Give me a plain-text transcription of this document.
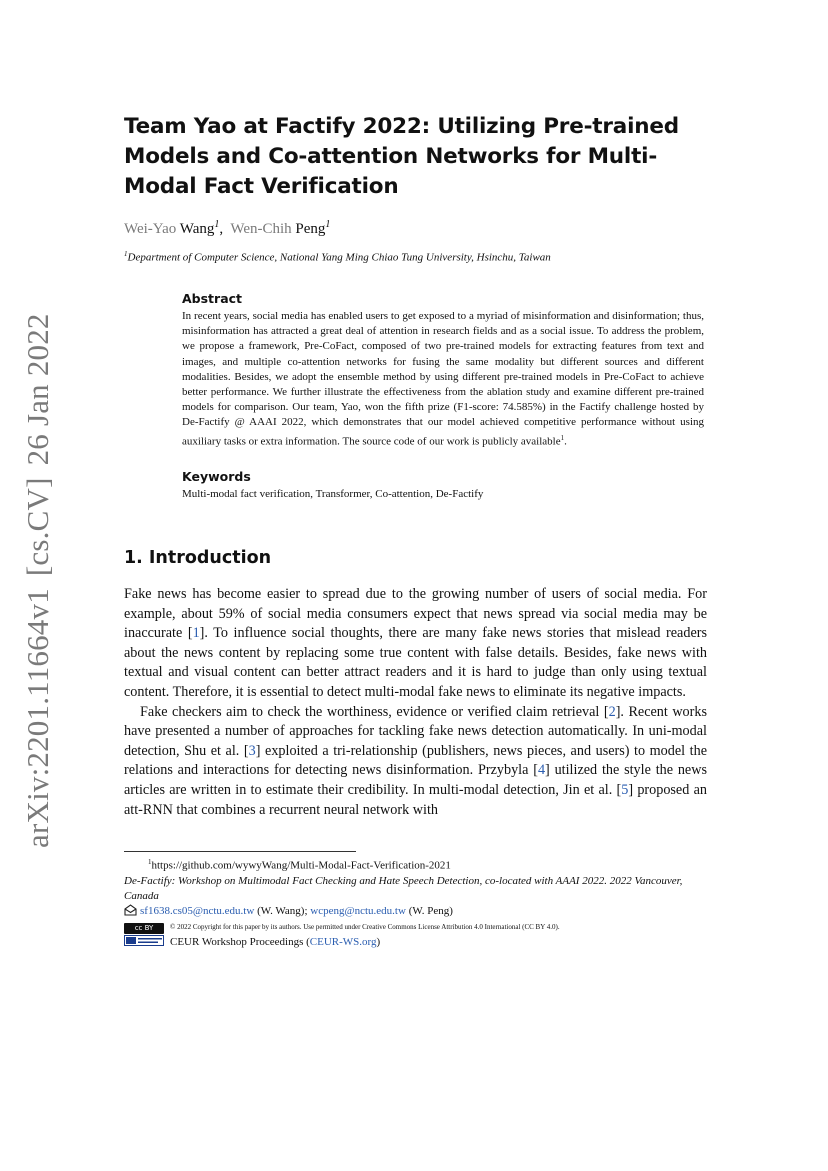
arXiv:2201.11664v1[cs.CV]26 Jan 2022
Team Yao at Factify 2022: Utilizing Pre-trained Models and Co-attention Networks for Multi-Modal Fact Verification
Wei-Yao Wang$^1$,  Wen-Chih Peng$^1$
$^1$Department of Computer Science, National Yang Ming Chiao Tung University, Hsinchu, Taiwan
Abstract

In recent years, social media has enabled users to get exposed to a myriad of misinformation and disinformation; thus, misinformation has attracted a great deal of attention in research fields and as a social issue. To address the problem, we propose a framework, Pre-CoFact, composed of two pre-trained models for extracting features from text and images, and multiple co-attention networks for fusing the same modality but different sources and different modalities. Besides, we adopt the ensemble method by using different pre-trained models in Pre-CoFact to achieve better performance. We further illustrate the effectiveness from the ablation study and examine different pre-trained models for comparison. Our team, Yao, won the fifth prize (F1-score: 74.585%) in the Factify challenge hosted by De-Factify @ AAAI 2022, which demonstrates that our model achieved competitive performance without using auxiliary tasks or extra information. The source code of our work is publicly available$^1$.

Keywords

Multi-modal fact verification, Transformer, Co-attention, De-Factify

1. Introduction

Fake news has become easier to spread due to the growing number of users of social media. For example, about 59% of social media consumers expect that news spread via social media may be inaccurate [1]. To influence social thoughts, there are many fake news stories that mislead readers about the news content by replacing some true content with false details. Besides, fake news with textual and visual content can better attract readers and it is hard to judge than only using textual content. Therefore, it is essential to detect multi-modal fake news to eliminate its negative impacts.

Fake checkers aim to check the worthiness, evidence or verified claim retrieval [2]. Recent works have presented a number of approaches for tackling fake news detection automatically. In uni-modal detection, Shu et al. [3] exploited a tri-relationship (publishers, news pieces, and users) to model the relations and interactions for detecting news disinformation. Przybyla [4] utilized the style the news articles are written in to estimate their credibility. In multi-modal detection, Jin et al. [5] proposed an att-RNN that combines a recurrent neural network with

$^1$https://github.com/wywyWang/Multi-Modal-Fact-Verification-2021
De-Factify: Workshop on Multimodal Fact Checking and Hate Speech Detection, co-located with AAAI 2022. 2022 Vancouver, Canada
sf1638.cs05@nctu.edu.tw (W. Wang); wcpeng@nctu.edu.tw (W. Peng)
cc BY © 2022 Copyright for this paper by its authors. Use permitted under Creative Commons License Attribution 4.0 International (CC BY 4.0).
CEUR Workshop Proceedings (CEUR-WS.org)
